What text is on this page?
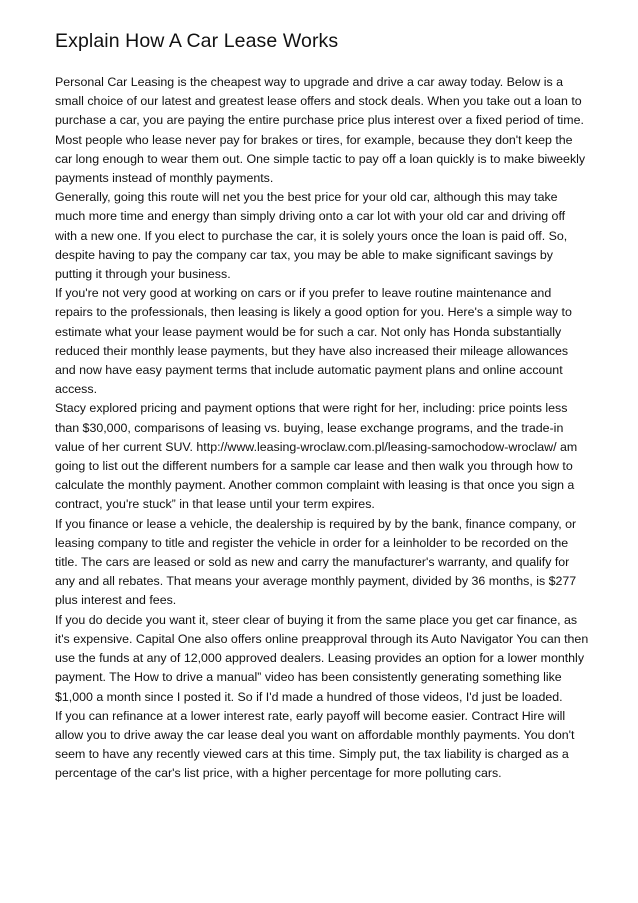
Explain How A Car Lease Works

Personal Car Leasing is the cheapest way to upgrade and drive a car away today. Below is a small choice of our latest and greatest lease offers and stock deals. When you take out a loan to purchase a car, you are paying the entire purchase price plus interest over a fixed period of time. Most people who lease never pay for brakes or tires, for example, because they don't keep the car long enough to wear them out. One simple tactic to pay off a loan quickly is to make biweekly payments instead of monthly payments.

Generally, going this route will net you the best price for your old car, although this may take much more time and energy than simply driving onto a car lot with your old car and driving off with a new one. If you elect to purchase the car, it is solely yours once the loan is paid off. So, despite having to pay the company car tax, you may be able to make significant savings by putting it through your business.

If you're not very good at working on cars or if you prefer to leave routine maintenance and repairs to the professionals, then leasing is likely a good option for you. Here's a simple way to estimate what your lease payment would be for such a car. Not only has Honda substantially reduced their monthly lease payments, but they have also increased their mileage allowances and now have easy payment terms that include automatic payment plans and online account access.

Stacy explored pricing and payment options that were right for her, including: price points less than $30,000, comparisons of leasing vs. buying, lease exchange programs, and the trade-in value of her current SUV. http://www.leasing-wroclaw.com.pl/leasing-samochodow-wroclaw/ am going to list out the different numbers for a sample car lease and then walk you through how to calculate the monthly payment. Another common complaint with leasing is that once you sign a contract, you're stuck” in that lease until your term expires.

If you finance or lease a vehicle, the dealership is required by by the bank, finance company, or leasing company to title and register the vehicle in order for a leinholder to be recorded on the title. The cars are leased or sold as new and carry the manufacturer's warranty, and qualify for any and all rebates. That means your average monthly payment, divided by 36 months, is $277 plus interest and fees.

If you do decide you want it, steer clear of buying it from the same place you get car finance, as it's expensive. Capital One also offers online preapproval through its Auto Navigator You can then use the funds at any of 12,000 approved dealers. Leasing provides an option for a lower monthly payment. The How to drive a manual” video has been consistently generating something like $1,000 a month since I posted it. So if I'd made a hundred of those videos, I'd just be loaded.

If you can refinance at a lower interest rate, early payoff will become easier. Contract Hire will allow you to drive away the car lease deal you want on affordable monthly payments. You don't seem to have any recently viewed cars at this time. Simply put, the tax liability is charged as a percentage of the car's list price, with a higher percentage for more polluting cars.
